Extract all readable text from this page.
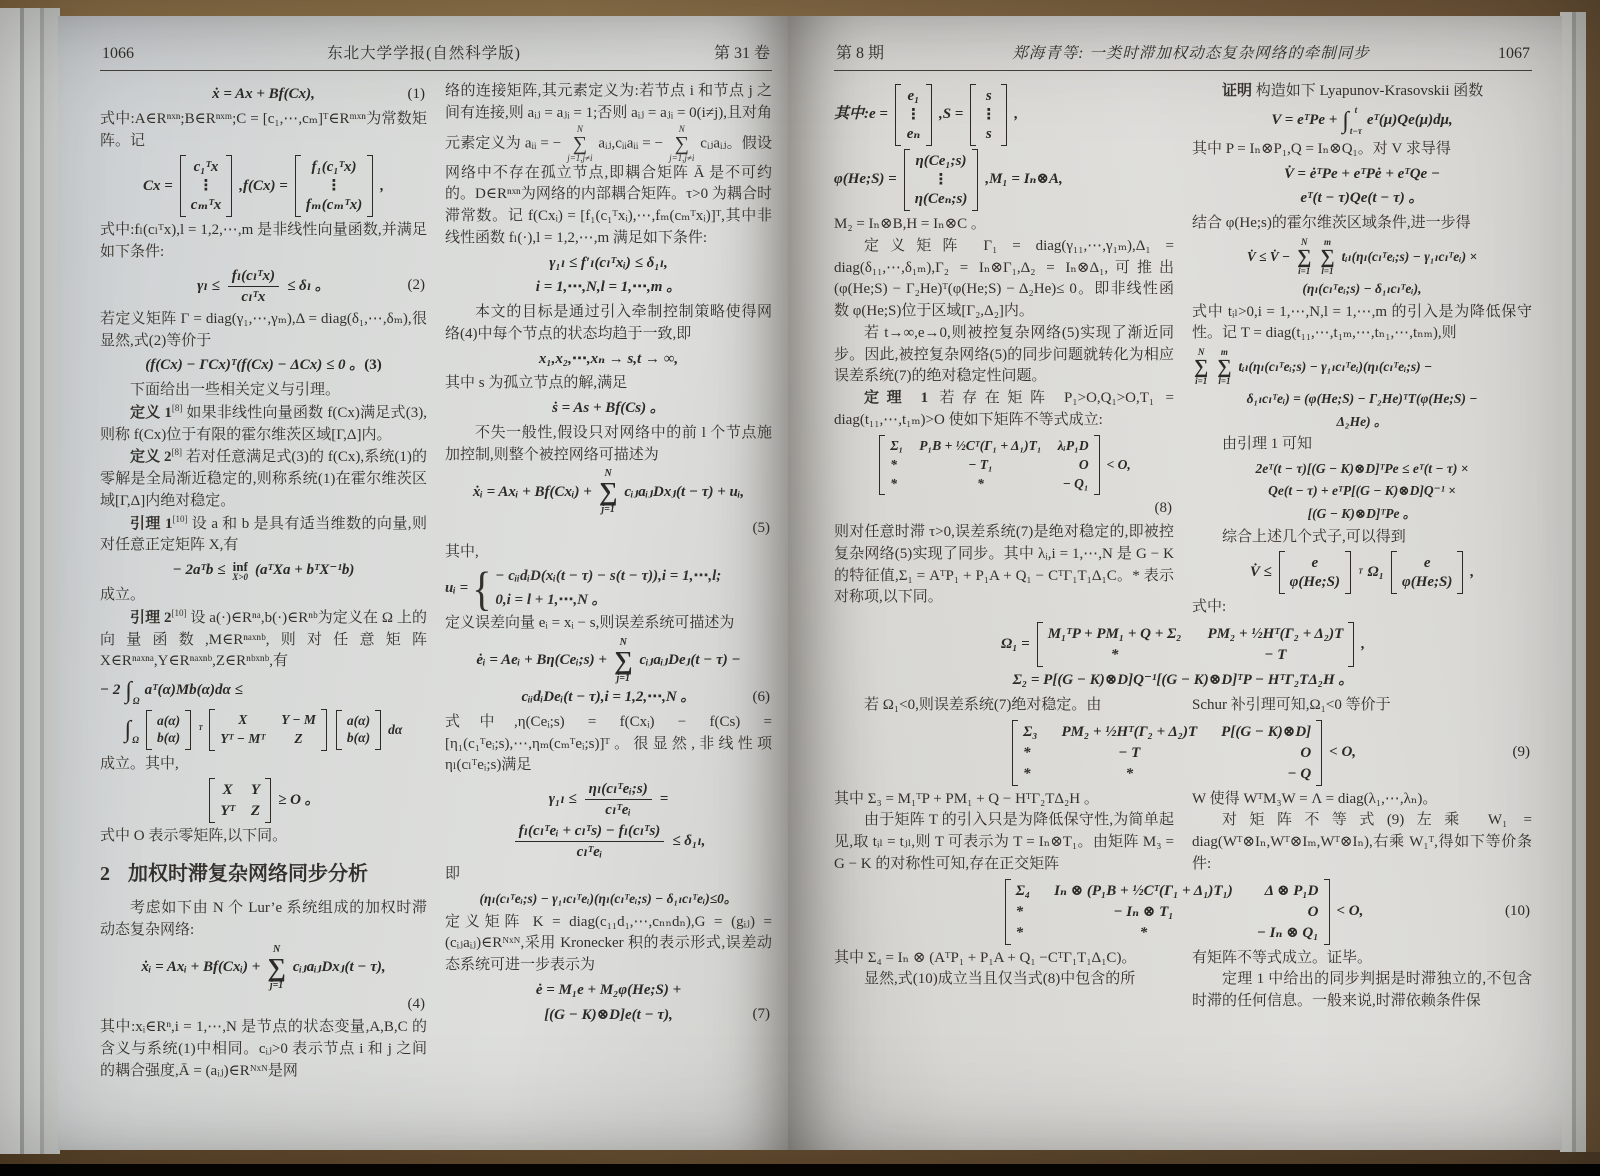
1066	东北大学学报(自然科学版)	第 31 卷
ẋ = Ax + Bf(Cx),	(1)

式中:A∈Rⁿˣⁿ;B∈Rⁿˣᵐ;C = [c₁,⋯,cₘ]ᵀ∈Rᵐˣⁿ为常数矩阵。记

Cx =
c₁ᵀx
⋮
cₘᵀx
,f(Cx) =
f₁(c₁ᵀx)
⋮
fₘ(cₘᵀx)
,

式中:fₗ(cₗᵀx),l = 1,2,⋯,m 是非线性向量函数,并满足如下条件:

$\gamma_l \le \frac{\text{fₗ(cₗᵀx)}}{\text{cₗᵀx}} \le \delta_l$ 。	(2)

若定义矩阵 Γ = diag(γ₁,⋯,γₘ),Δ = diag(δ₁,⋯,δₘ),很显然,式(2)等价于

(f(Cx) − ΓCx)ᵀ(f(Cx) − ΔCx) ≤ 0 。(3)

下面给出一些相关定义与引理。

定义 1[8] 如果非线性向量函数 f(Cx)满足式(3),则称 f(Cx)位于有限的霍尔维茨区域[Γ,Δ]内。

定义 2[8] 若对任意满足式(3)的 f(Cx),系统(1)的零解是全局渐近稳定的,则称系统(1)在霍尔维茨区域[Γ,Δ]内绝对稳定。

引理 1[10] 设 a 和 b 是具有适当维数的向量,则对任意正定矩阵 X,有

− 2aᵀb ≤ inf
X>0 (aᵀXa + bᵀX⁻¹b)

成立。

引理 2[10] 设 a(·)∈Rⁿᵃ,b(·)∈Rⁿᵇ为定义在 Ω 上的向量函数,M∈Rⁿᵃˣⁿᵇ,则对任意矩阵 X∈Rⁿᵃˣⁿᵃ,Y∈Rⁿᵃˣⁿᵇ,Z∈Rⁿᵇˣⁿᵇ,有

− 2 ∫ Ω
aᵀ(α)Mb(α)dα ≤
∫ Ω
a(α)
b(α)
ᵀ
X	Y − M
Yᵀ − Mᵀ Z
a(α)
b(α)
dα

成立。其中,

X Y
Yᵀ Z
≥ O 。

式中 O 表示零矩阵,以下同。

2 加权时滞复杂网络同步分析

考虑如下由 N 个 Lur’e 系统组成的加权时滞动态复杂网络:

ẋᵢ = Axᵢ + Bf(Cxᵢ) +
N
∑
j=1
cᵢⱼaᵢⱼDxⱼ(t − τ),
(4)

其中:xᵢ∈Rⁿ,i = 1,⋯,N 是节点的状态变量,A,B,C 的含义与系统(1)中相同。cᵢⱼ>0 表示节点 i 和 j 之间的耦合强度,Ā = (aᵢⱼ)∈Rᴺˣᴺ是网

络的连接矩阵,其元素定义为:若节点 i 和节点 j 之间有连接,则 aᵢⱼ = aⱼᵢ = 1;否则 aᵢⱼ = aⱼᵢ = 0(i≠j),且对角元素定义为 aᵢᵢ = −
N
∑
j=1,j≠i
aᵢⱼ,cᵢᵢaᵢᵢ = −
N
∑
j=1,j≠i
cᵢⱼaᵢⱼ。假设网络中不存在孤立节点,即耦合矩阵 Ā 是不可约的。D∈Rⁿˣⁿ为网络的内部耦合矩阵。τ>0 为耦合时滞常数。记 f(Cxᵢ) = [f₁(c₁ᵀxᵢ),⋯,fₘ(cₘᵀxᵢ)]ᵀ,其中非线性函数 fₗ(·),l = 1,2,⋯,m 满足如下条件:

γ₁ₗ ≤ f′ₗ(cₗᵀxᵢ) ≤ δ₁ₗ,
i = 1,⋯,N,l = 1,⋯,m 。

本文的目标是通过引入牵制控制策略使得网络(4)中每个节点的状态均趋于一致,即

x₁,x₂,⋯,xₙ → s,t → ∞,

其中 s 为孤立节点的解,满足

ṡ = As + Bf(Cs) 。

不失一般性,假设只对网络中的前 l 个节点施加控制,则整个被控网络可描述为

ẋᵢ = Axᵢ + Bf(Cxᵢ) +
N
∑
j=1
cᵢⱼaᵢⱼDxⱼ(t − τ) + uᵢ,
(5)

其中,

uᵢ = { − cᵢᵢdᵢD(xᵢ(t − τ) − s(t − τ)),i = 1,⋯,l;
0,i = l + 1,⋯,N 。

定义误差向量 eᵢ = xᵢ − s,则误差系统可描述为

ėᵢ = Aeᵢ + Bη(Ceᵢ;s) +
N
∑
j=1
cᵢⱼaᵢⱼDeⱼ(t − τ) −
cᵢᵢdᵢDeᵢ(t − τ),i = 1,2,⋯,N 。	(6)

式中,η(Ceᵢ;s) = f(Cxᵢ) − f(Cs) = [η₁(c₁ᵀeᵢ;s),⋯,ηₘ(cₘᵀeᵢ;s)]ᵀ。很显然,非线性项 ηₗ(cₗᵀeᵢ;s)满足

$\gamma_{1l} \le \frac{\text{ηₗ(cₗᵀeᵢ;s)}}{\text{cₗᵀeᵢ}}$ =
$\frac{\text{fₗ(cₗᵀeᵢ + cₗᵀs) − fₗ(cₗᵀs)}}{\text{cₗᵀeᵢ}} \le \delta_{1l}$,

即

(ηₗ(cₗᵀeᵢ;s) − γ₁ₗcₗᵀeᵢ)(ηₗ(cₗᵀeᵢ;s) − δ₁ₗcₗᵀeᵢ)≤0。

定义矩阵 K = diag(c₁₁d₁,⋯,cₙₙdₙ),G = (gᵢⱼ) = (cᵢⱼaᵢⱼ)∈Rᴺˣᴺ,采用 Kronecker 积的表示形式,误差动态系统可进一步表示为

ė = M₁e + M₂φ(He;S) +
[(G − K)⊗D]e(t − τ),	(7)
第 8 期	郑海青等: 一类时滞加权动态复杂网络的牵制同步	1067
其中:e =
e₁
⋮
eₙ
,S =
s
⋮
s
,
φ(He;S) =
η(Ce₁;s)
⋮
η(Ceₙ;s)
,M₁ = Iₙ⊗A,

M₂ = Iₙ⊗B,H = Iₙ⊗C 。

定义矩阵 Γ₁ = diag(γ₁₁,⋯,γ₁ₘ),Δ₁ = diag(δ₁₁,⋯,δ₁ₘ),Γ₂ = Iₙ⊗Γ₁,Δ₂ = Iₙ⊗Δ₁,可推出(φ(He;S) − Γ₂He)ᵀ(φ(He;S) − Δ₂He)≤ 0。即非线性函数 φ(He;S)位于区域[Γ₂,Δ₂]内。

若 t→∞,e→0,则被控复杂网络(5)实现了渐近同步。因此,被控复杂网络(5)的同步问题就转化为相应误差系统(7)的绝对稳定性问题。

定理 1 若存在矩阵 P₁>O,Q₁>O,T₁ = diag(t₁₁,⋯,t₁ₘ)>O 使如下矩阵不等式成立:

Σ₁ P₁B + ½Cᵀ(Γ₁ + Δ₁)T₁ λᵢP₁D
*	− T₁	O
*	*	− Q₁
< O,
(8)

则对任意时滞 τ>0,误差系统(7)是绝对稳定的,即被控复杂网络(5)实现了同步。其中 λᵢ,i = 1,⋯,N 是 G − K 的特征值,Σ₁ = AᵀP₁ + P₁A + Q₁ − CᵀΓ₁T₁Δ₁C。* 表示对称项,以下同。

证明 构造如下 Lyapunov-Krasovskii 函数

V = eᵀPe + ∫ t
t−τ
eᵀ(μ)Qe(μ)dμ,

其中 P = Iₙ⊗P₁,Q = Iₙ⊗Q₁。对 V 求导得

V̇ = ėᵀPe + eᵀPė + eᵀQe −
eᵀ(t − τ)Qe(t − τ) 。

结合 φ(He;s)的霍尔维茨区域条件,进一步得

V̇ ≤ V̇ −
N
∑
i=1
m
∑
l=1
tᵢₗ(ηₗ(cₗᵀeᵢ;s) − γ₁ₗcₗᵀeᵢ) ×
(ηₗ(cₗᵀeᵢ;s) − δ₁ₗcₗᵀeᵢ),

式中 tᵢₗ>0,i = 1,⋯,N,l = 1,⋯,m 的引入是为降低保守性。记 T = diag(t₁₁,⋯,t₁ₘ,⋯,tₙ₁,⋯,tₙₘ),则

N
∑
i=1
m
∑
l=1
tᵢₗ(ηₗ(cₗᵀeᵢ;s) − γ₁ₗcₗᵀeᵢ)(ηₗ(cₗᵀeᵢ;s) −
δ₁ₗcₗᵀeᵢ) = (φ(He;S) − Γ₂He)ᵀT(φ(He;S) −
Δ₂He) 。

由引理 1 可知

2eᵀ(t − τ)[(G − K)⊗D]ᵀPe ≤ eᵀ(t − τ) ×
Qe(t − τ) + eᵀP[(G − K)⊗D]Q⁻¹ ×
[(G − K)⊗D]ᵀPe 。

综合上述几个式子,可以得到

V̇ ≤
e
φ(He;S)
ᵀ Ω₁
e
φ(He;S)
,

式中:

Ω₁ =
M₁ᵀP + PM₁ + Q + Σ₂ PM₂ + ½Hᵀ(Γ₂ + Δ₂)T
*	− T
,
Σ₂ = P[(G − K)⊗D]Q⁻¹[(G − K)⊗D]ᵀP − HᵀΓ₂TΔ₂H 。
若 Ω₁<0,则误差系统(7)绝对稳定。由	Schur 补引理可知,Ω₁<0 等价于
Σ₃ PM₂ + ½Hᵀ(Γ₂ + Δ₂)T P[(G − K)⊗D]
*	− T	O
*	*	− Q
< O,	(9)

其中 Σ₃ = M₁ᵀP + PM₁ + Q − HᵀΓ₂TΔ₂H 。

由于矩阵 T 的引入只是为降低保守性,为简单起见,取 tᵢₗ = tⱼₗ,则 T 可表示为 T = Iₙ⊗T₁。由矩阵 M₃ = G − K 的对称性可知,存在正交矩阵

W 使得 WᵀM₃W = Λ = diag(λ₁,⋯,λₙ)。

对矩阵不等式(9)左乘 W₁ = diag(Wᵀ⊗Iₙ,Wᵀ⊗Iₘ,Wᵀ⊗Iₙ),右乘 W₁ᵀ,得如下等价条件:

Σ₄ Iₙ ⊗ (P₁B + ½Cᵀ(Γ₁ + Δ₁)T₁) Δ ⊗ P₁D
*	− Iₙ ⊗ T₁	O
*	*	− Iₙ ⊗ Q₁
< O,	(10)

其中 Σ₄ = Iₙ ⊗ (AᵀP₁ + P₁A + Q₁ −CᵀΓ₁T₁Δ₁C)。

显然,式(10)成立当且仅当式(8)中包含的所

有矩阵不等式成立。证毕。

定理 1 中给出的同步判据是时滞独立的,不包含时滞的任何信息。一般来说,时滞依赖条件保
